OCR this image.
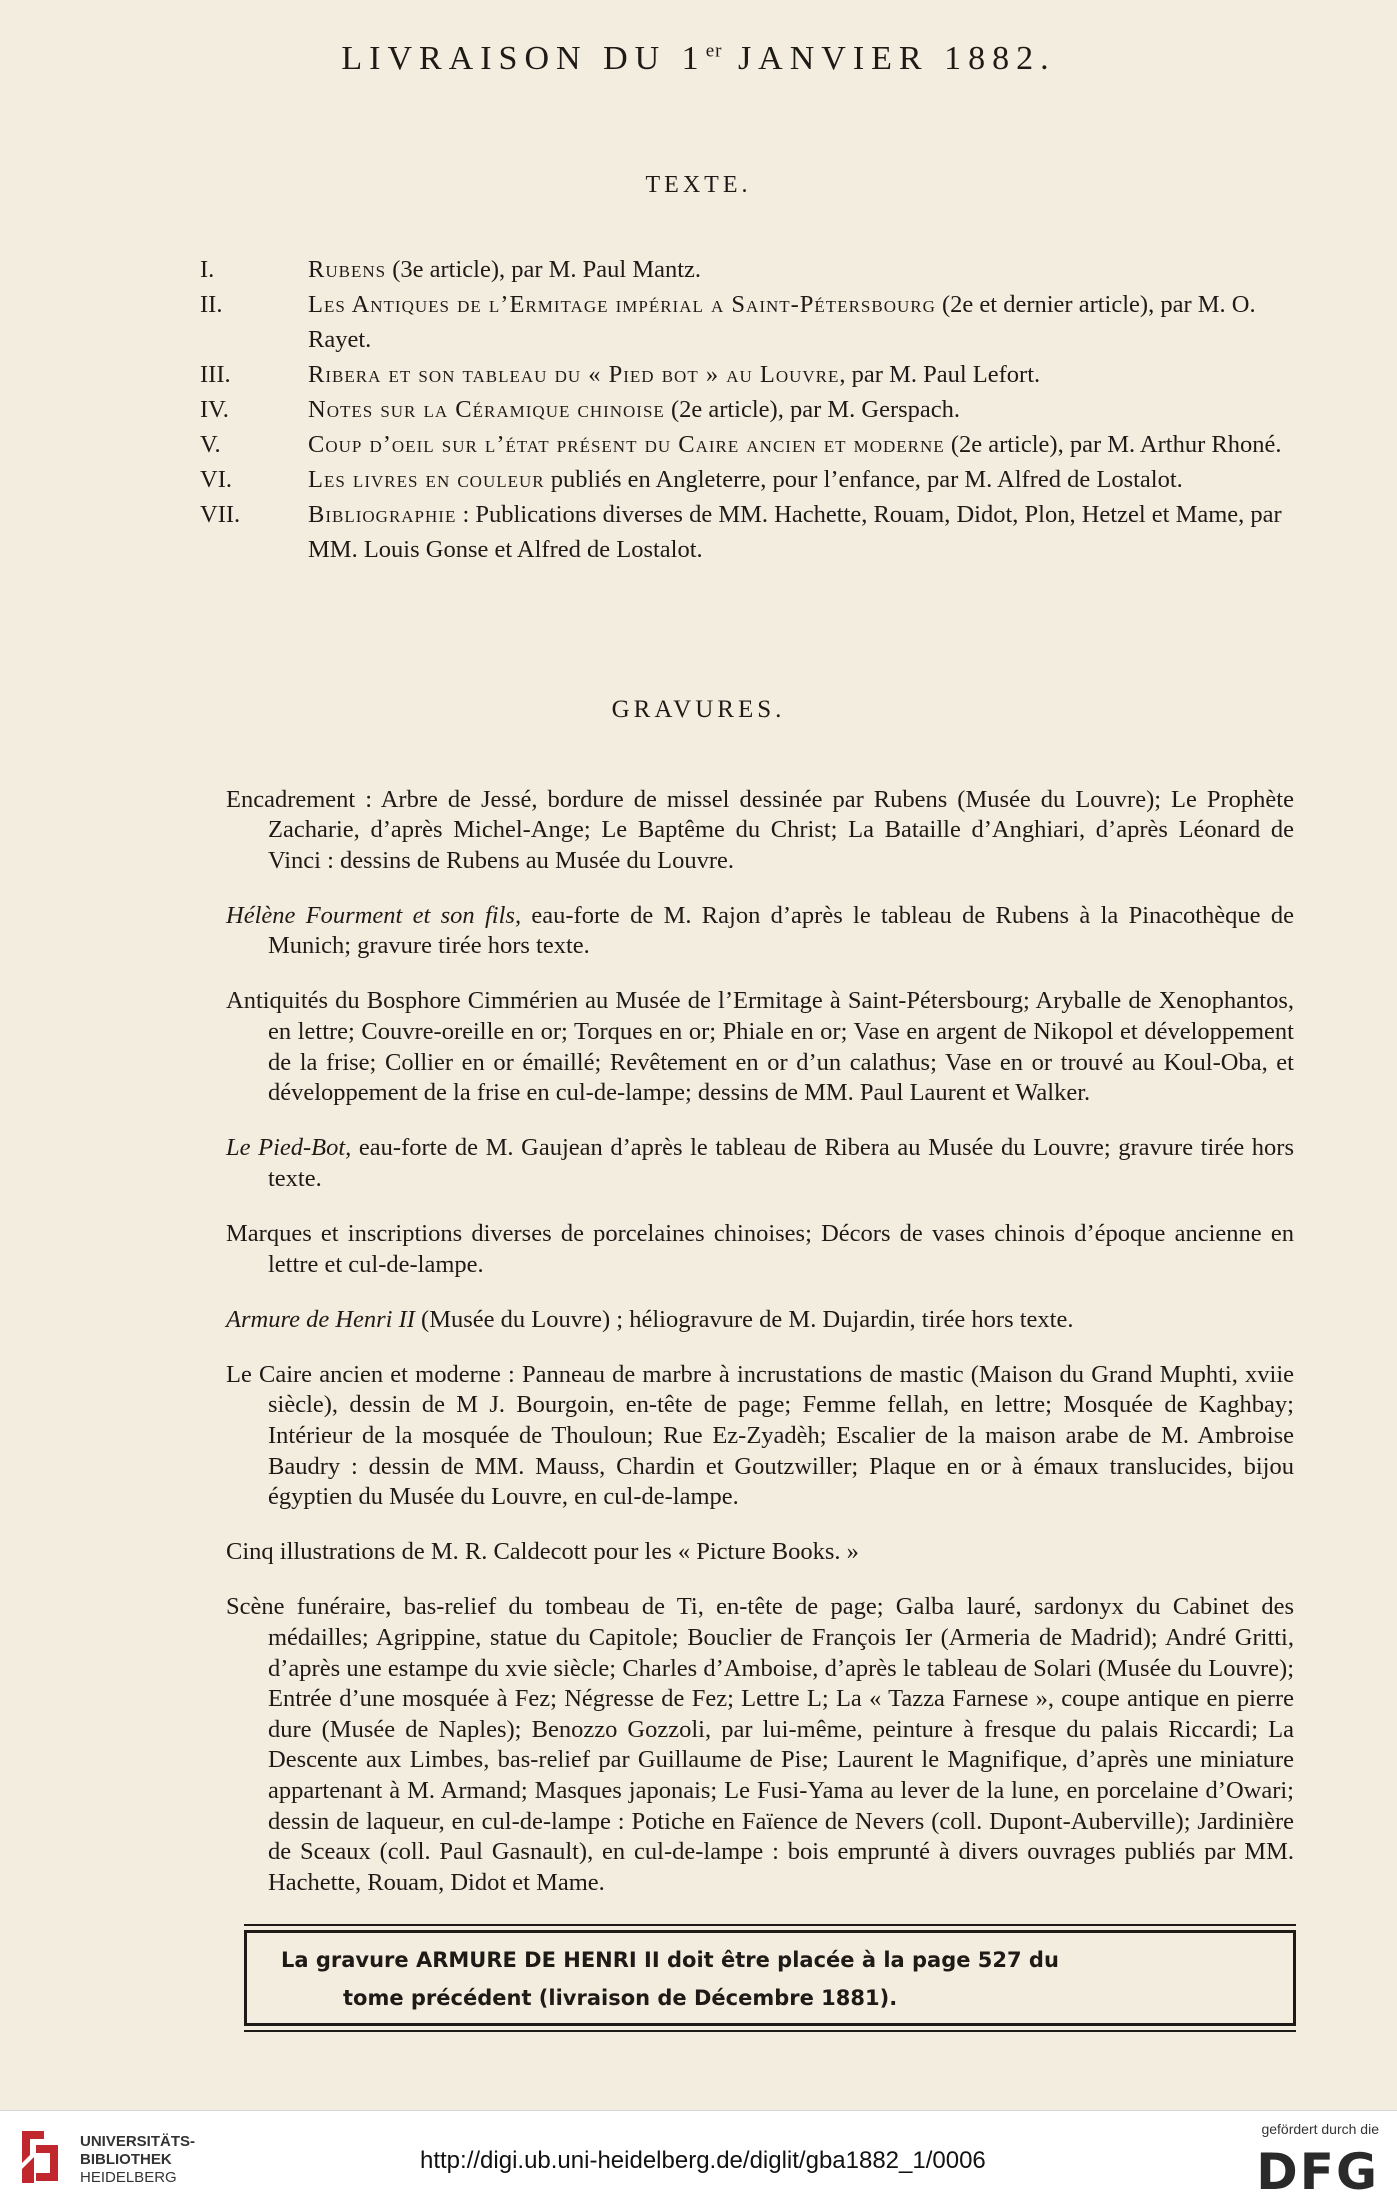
LIVRAISON DU 1er JANVIER 1882.
TEXTE.
I.	Rubens (3e article), par M. Paul Mantz.
II.	Les Antiques de l’Ermitage impérial a Saint-Pétersbourg (2e et dernier article), par M. O. Rayet.
III.	Ribera et son tableau du « Pied bot » au Louvre, par M. Paul Lefort.
IV.	Notes sur la Céramique chinoise (2e article), par M. Gerspach.
V.	Coup d’oeil sur l’état présent du Caire ancien et moderne (2e article), par M. Arthur Rhoné.
VI.	Les livres en couleur publiés en Angleterre, pour l’enfance, par M. Alfred de Lostalot.
VII.	Bibliographie : Publications diverses de MM. Hachette, Rouam, Didot, Plon, Hetzel et Mame, par MM. Louis Gonse et Alfred de Lostalot.
GRAVURES.

Encadrement : Arbre de Jessé, bordure de missel dessinée par Rubens (Musée du Louvre); Le Prophète Zacharie, d’après Michel-Ange; Le Baptême du Christ; La Bataille d’Anghiari, d’après Léonard de Vinci : dessins de Rubens au Musée du Louvre.

Hélène Fourment et son fils, eau-forte de M. Rajon d’après le tableau de Rubens à la Pinacothèque de Munich; gravure tirée hors texte.

Antiquités du Bosphore Cimmérien au Musée de l’Ermitage à Saint-Pétersbourg; Aryballe de Xenophantos, en lettre; Couvre-oreille en or; Torques en or; Phiale en or; Vase en argent de Nikopol et développement de la frise; Collier en or émaillé; Revêtement en or d’un calathus; Vase en or trouvé au Koul-Oba, et développement de la frise en cul-de-lampe; dessins de MM. Paul Laurent et Walker.

Le Pied-Bot, eau-forte de M. Gaujean d’après le tableau de Ribera au Musée du Louvre; gravure tirée hors texte.

Marques et inscriptions diverses de porcelaines chinoises; Décors de vases chinois d’époque ancienne en lettre et cul-de-lampe.

Armure de Henri II (Musée du Louvre) ; héliogravure de M. Dujardin, tirée hors texte.

Le Caire ancien et moderne : Panneau de marbre à incrustations de mastic (Maison du Grand Muphti, xviie siècle), dessin de M J. Bourgoin, en-tête de page; Femme fellah, en lettre; Mosquée de Kaghbay; Intérieur de la mosquée de Thouloun; Rue Ez-Zyadèh; Escalier de la maison arabe de M. Ambroise Baudry : dessin de MM. Mauss, Chardin et Goutzwiller; Plaque en or à émaux translucides, bijou égyptien du Musée du Louvre, en cul-de-lampe.

Cinq illustrations de M. R. Caldecott pour les « Picture Books. »

Scène funéraire, bas-relief du tombeau de Ti, en-tête de page; Galba lauré, sardonyx du Cabinet des médailles; Agrippine, statue du Capitole; Bouclier de François Ier (Armeria de Madrid); André Gritti, d’après une estampe du xvie siècle; Charles d’Amboise, d’après le tableau de Solari (Musée du Louvre); Entrée d’une mosquée à Fez; Négresse de Fez; Lettre L; La « Tazza Farnese », coupe antique en pierre dure (Musée de Naples); Benozzo Gozzoli, par lui-même, peinture à fresque du palais Riccardi; La Descente aux Limbes, bas-relief par Guillaume de Pise; Laurent le Magnifique, d’après une miniature appartenant à M. Armand; Masques japonais; Le Fusi-Yama au lever de la lune, en porcelaine d’Owari; dessin de laqueur, en cul-de-lampe : Potiche en Faïence de Nevers (coll. Dupont-Auberville); Jardinière de Sceaux (coll. Paul Gasnault), en cul-de-lampe : bois emprunté à divers ouvrages publiés par MM. Hachette, Rouam, Didot et Mame.

La gravure ARMURE DE HENRI II doit être placée à la page 527 du
tome précédent (livraison de Décembre 1881).
UNIVERSITÄTS-
BIBLIOTHEK
HEIDELBERG
http://digi.ub.uni-heidelberg.de/diglit/gba1882_1/0006
gefördert durch die
DFG
